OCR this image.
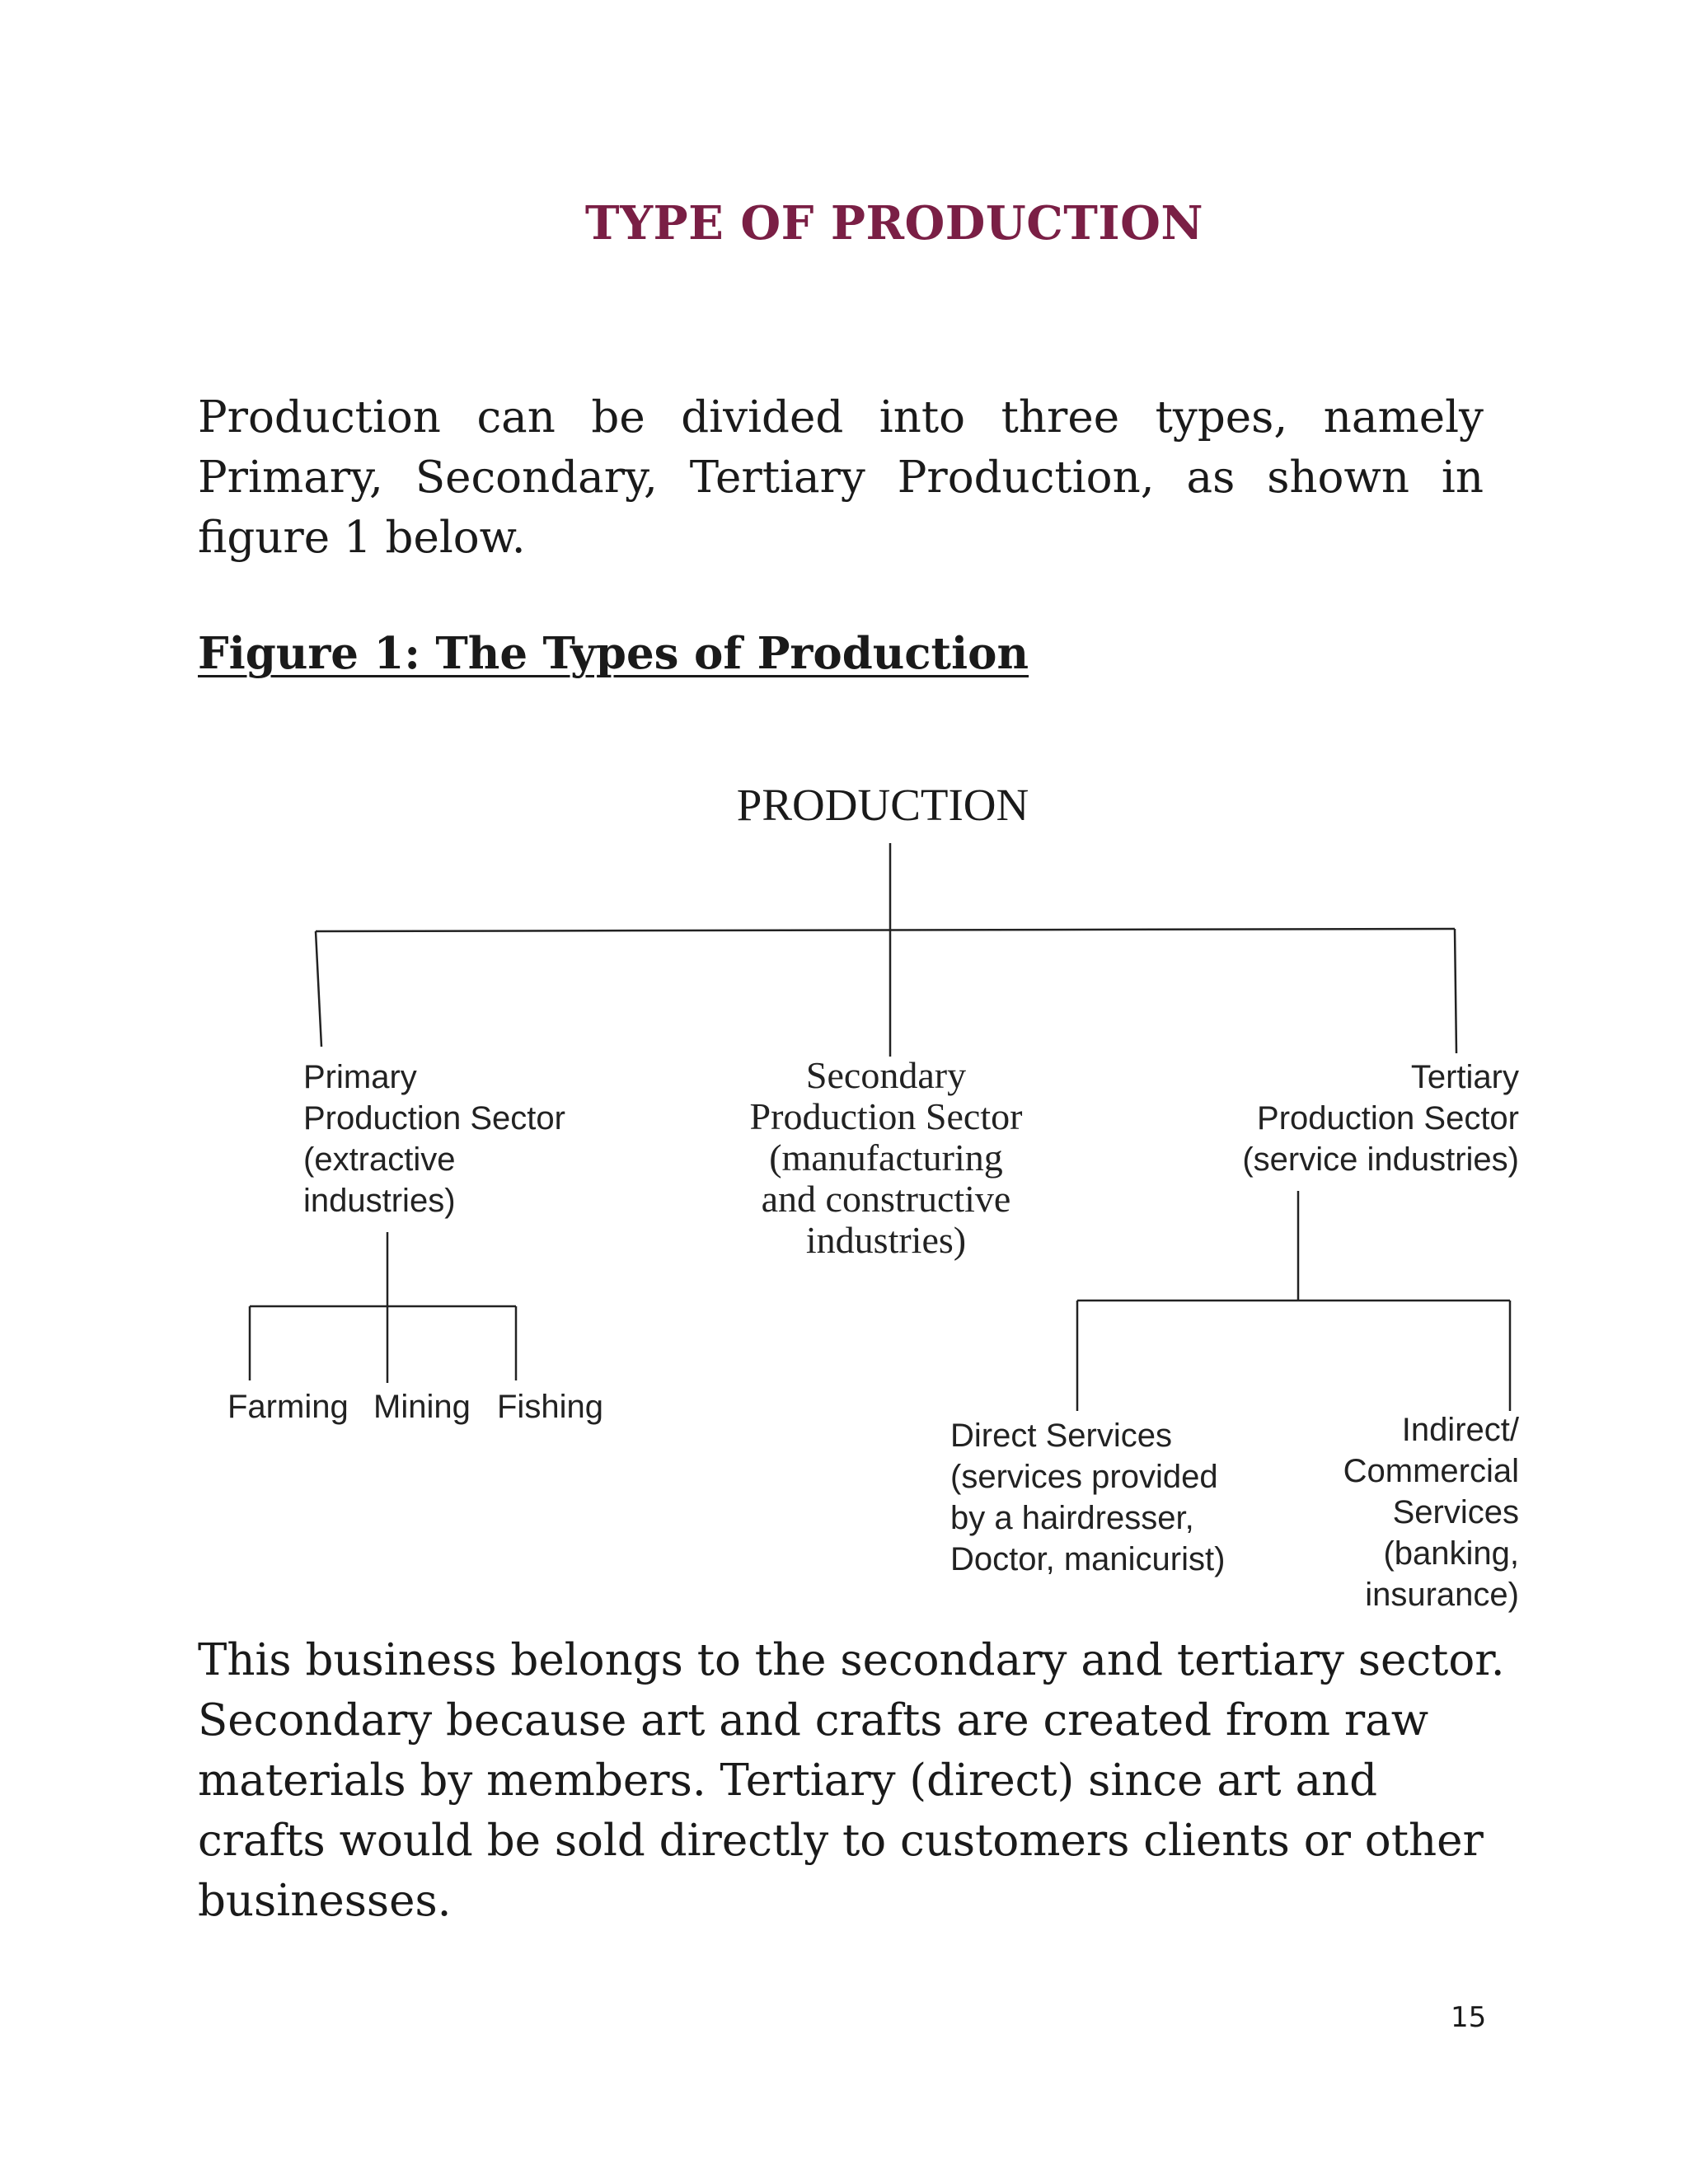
TYPE OF PRODUCTION
Production can be divided into three types, namely Primary, Secondary, Tertiary Production, as shown in figure 1 below.
Figure 1: The Types of Production
PRODUCTION
Primary
Production Sector
(extractive
industries)
Secondary
Production Sector
(manufacturing
and constructive
industries)
Tertiary
Production Sector
(service industries)
Farming Mining Fishing
Direct Services
(services provided
by a hairdresser,
Doctor, manicurist)
Indirect/
Commercial
Services
(banking,
insurance)
This business belongs to the secondary and tertiary sector. Secondary because art and crafts are created from raw materials by members. Tertiary (direct) since art and crafts would be sold directly to customers clients or other businesses.
15
